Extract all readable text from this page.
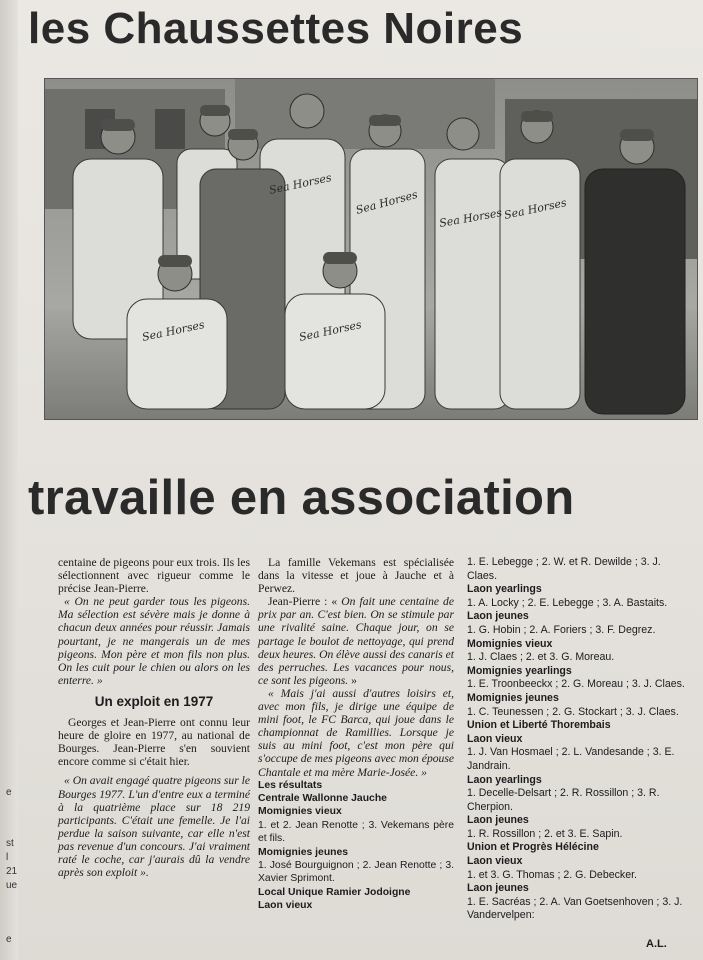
les Chaussettes Noires
Sea Horses
Sea Horses
Sea Horses Sea Horses
Sea Horses	Sea Horses
travaille en association

centaine de pigeons pour eux trois. Ils les sélectionnent avec rigueur comme le précise Jean-Pierre.

« On ne peut garder tous les pigeons. Ma sélection est sévère mais je donne à chacun deux années pour réussir. Jamais pourtant, je ne mangerais un de mes pigeons. Mon père et mon fils non plus. On les cuit pour le chien ou alors on les enterre. »

Un exploit en 1977

Georges et Jean-Pierre ont connu leur heure de gloire en 1977, au national de Bourges. Jean-Pierre s'en souvient encore comme si c'était hier.

« On avait engagé quatre pigeons sur le Bourges 1977. L'un d'entre eux a terminé à la quatrième place sur 18 219 participants. C'était une femelle. Je l'ai perdue la saison suivante, car elle n'est pas revenue d'un concours. J'ai vraiment raté le coche, car j'aurais dû la vendre après son exploit ».

La famille Vekemans est spécialisée dans la vitesse et joue à Jauche et à Perwez.

Jean-Pierre : « On fait une centaine de prix par an. C'est bien. On se stimule par une rivalité saine. Chaque jour, on se partage le boulot de nettoyage, qui prend deux heures. On élève aussi des canaris et des perruches. Les vacances pour nous, ce sont les pigeons. »

« Mais j'ai aussi d'autres loisirs et, avec mon fils, je dirige une équipe de mini foot, le FC Barca, qui joue dans le championnat de Ramillies. Lorsque je suis au mini foot, c'est mon père qui s'occupe de mes pigeons avec mon épouse Chantale et ma mère Marie-Josée. »

Les résultats

Centrale Wallonne Jauche

Momignies vieux

1. et 2. Jean Renotte ; 3. Vekemans père et fils.

Momignies jeunes

1. José Bourguignon ; 2. Jean Renotte ; 3. Xavier Sprimont.

Local Unique Ramier Jodoigne

Laon vieux

1. E. Lebegge ; 2. W. et R. Dewilde ; 3. J. Claes.

Laon yearlings

1. A. Locky ; 2. E. Lebegge ; 3. A. Bastaits.

Laon jeunes

1. G. Hobin ; 2. A. Foriers ; 3. F. Degrez.

Momignies vieux

1. J. Claes ; 2. et 3. G. Moreau.

Momignies yearlings

1. E. Troonbeeckx ; 2. G. Moreau ; 3. J. Claes.

Momignies jeunes

1. C. Teunessen ; 2. G. Stockart ; 3. J. Claes.

Union et Liberté Thorembais

Laon vieux

1. J. Van Hosmael ; 2. L. Vandesande ; 3. E. Jandrain.

Laon yearlings

1. Decelle-Delsart ; 2. R. Rossillon ; 3. R. Cherpion.

Laon jeunes

1. R. Rossillon ; 2. et 3. E. Sapin.

Union et Progrès Hélécine

Laon vieux

1. et 3. G. Thomas ; 2. G. Debecker.

Laon jeunes

1. E. Sacréas ; 2. A. Van Goetsenhoven ; 3. J. Vandervelpen:

A.L.
e
st
l
21
ue
e
